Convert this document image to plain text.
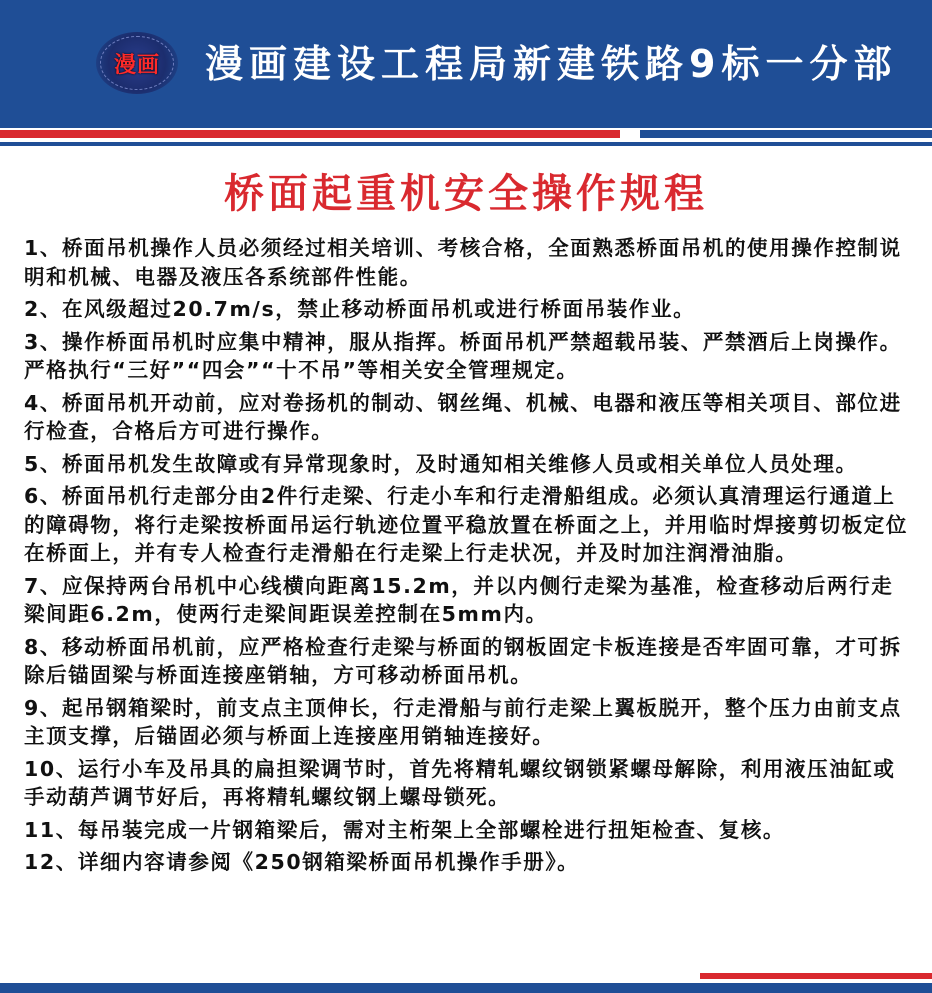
漫画 漫画建设工程局新建铁路9标一分部
桥面起重机安全操作规程
1、桥面吊机操作人员必须经过相关培训、考核合格，全面熟悉桥面吊机的使用操作控制说明和机械、电器及液压各系统部件性能。
2、在风级超过20.7m/s，禁止移动桥面吊机或进行桥面吊装作业。
3、操作桥面吊机时应集中精神，服从指挥。桥面吊机严禁超载吊装、严禁酒后上岗操作。严格执行“三好”“四会”“十不吊”等相关安全管理规定。
4、桥面吊机开动前，应对卷扬机的制动、钢丝绳、机械、电器和液压等相关项目、部位进行检查，合格后方可进行操作。
5、桥面吊机发生故障或有异常现象时，及时通知相关维修人员或相关单位人员处理。
6、桥面吊机行走部分由2件行走梁、行走小车和行走滑船组成。必须认真清理运行通道上的障碍物，将行走梁按桥面吊运行轨迹位置平稳放置在桥面之上，并用临时焊接剪切板定位在桥面上，并有专人检查行走滑船在行走梁上行走状况，并及时加注润滑油脂。
7、应保持两台吊机中心线横向距离15.2m，并以内侧行走梁为基准，检查移动后两行走梁间距6.2m，使两行走梁间距误差控制在5mm内。
8、移动桥面吊机前，应严格检查行走梁与桥面的钢板固定卡板连接是否牢固可靠，才可拆除后锚固梁与桥面连接座销轴，方可移动桥面吊机。
9、起吊钢箱梁时，前支点主顶伸长，行走滑船与前行走梁上翼板脱开，整个压力由前支点主顶支撑，后锚固必须与桥面上连接座用销轴连接好。
10、运行小车及吊具的扁担梁调节时，首先将精轧螺纹钢锁紧螺母解除，利用液压油缸或手动葫芦调节好后，再将精轧螺纹钢上螺母锁死。
11、每吊装完成一片钢箱梁后，需对主桁架上全部螺栓进行扭矩检查、复核。
12、详细内容请参阅《250钢箱梁桥面吊机操作手册》。
